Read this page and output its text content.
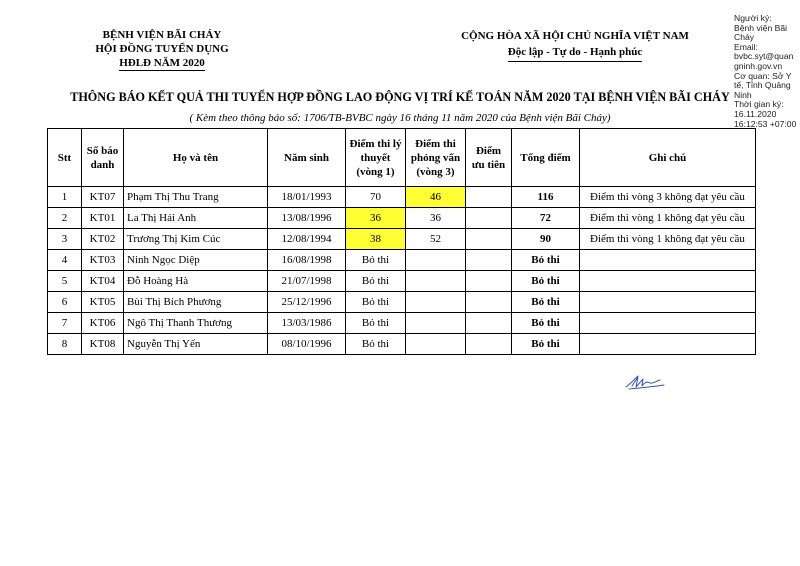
BỆNH VIỆN BÃI CHÁY
HỘI ĐỒNG TUYỂN DỤNG
HĐLĐ NĂM 2020
CỘNG HÒA XÃ HỘI CHỦ NGHĨA VIỆT NAM
Độc lập - Tự do - Hạnh phúc
Người ký:
Bệnh viện Bãi Cháy
Email:
bvbc.syt@quangninh.gov.vn
Cơ quan: Sở Y tế, Tỉnh Quảng Ninh
Thời gian ký: 16.11.2020 16:12:53 +07:00
THÔNG BÁO KẾT QUẢ THI TUYỂN HỢP ĐỒNG LAO ĐỘNG VỊ TRÍ KẾ TOÁN NĂM 2020 TẠI BỆNH VIỆN BÃI CHÁY
( Kèm theo thông báo số: 1706/TB-BVBC ngày 16 tháng 11 năm 2020 của Bệnh viện Bãi Cháy)
Stt	Số báo danh	Họ và tên	Năm sinh	Điểm thi lý thuyết (vòng 1)	Điểm thi phỏng vấn (vòng 3)	Điểm ưu tiên	Tổng điểm	Ghi chú
1	KT07	Phạm Thị Thu Trang	18/01/1993	70	46		116	Điểm thi vòng 3 không đạt yêu cầu
2	KT01	La Thị Hải Anh	13/08/1996	36	36		72	Điểm thi vòng 1 không đạt yêu cầu
3	KT02	Trương Thị Kim Cúc	12/08/1994	38	52		90	Điểm thi vòng 1 không đạt yêu cầu
4	KT03	Ninh Ngọc Diệp	16/08/1998	Bỏ thi			Bỏ thi	
5	KT04	Đỗ Hoàng Hà	21/07/1998	Bỏ thi			Bỏ thi	
6	KT05	Bùi Thị Bích Phương	25/12/1996	Bỏ thi			Bỏ thi	
7	KT06	Ngô Thị Thanh Thương	13/03/1986	Bỏ thi			Bỏ thi	
8	KT08	Nguyễn Thị Yến	08/10/1996	Bỏ thi			Bỏ thi	
